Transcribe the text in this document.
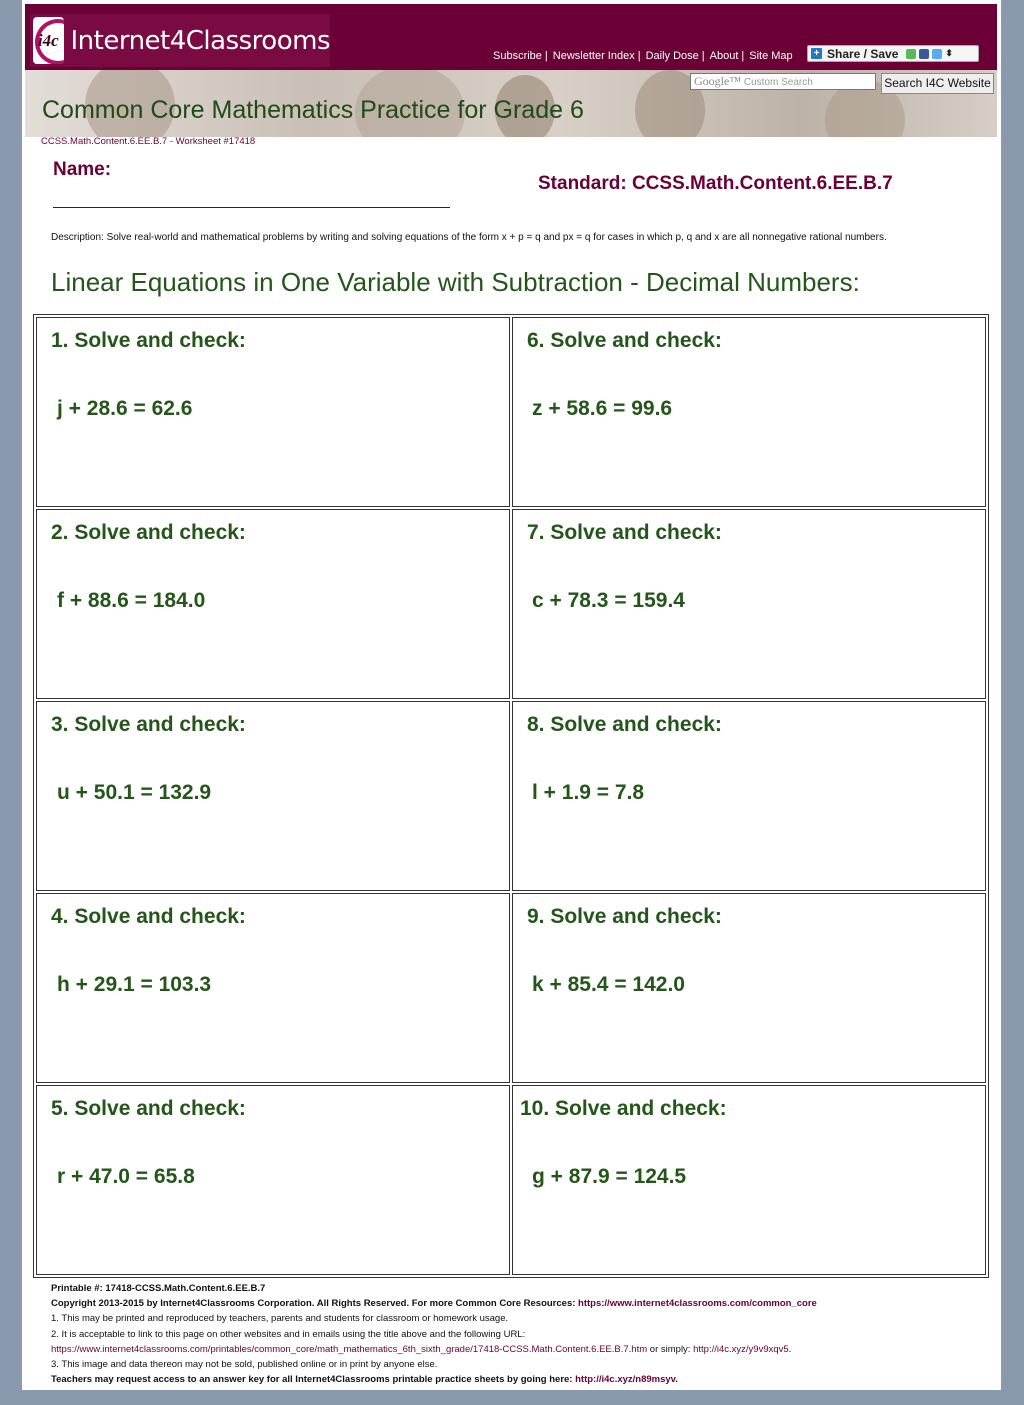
i4c Internet4Classrooms
Subscribe | Newsletter Index | Daily Dose | About | Site Map + Share / Save	⬍
Common Core Mathematics Practice for Grade 6
Google™ Custom Search	Search I4C Website
CCSS.Math.Content.6.EE.B.7 - Worksheet #17418
Name:
Standard: CCSS.Math.Content.6.EE.B.7
Description: Solve real-world and mathematical problems by writing and solving equations of the form x + p = q and px = q for cases in which p, q and x are all nonnegative rational numbers.
Linear Equations in One Variable with Subtraction - Decimal Numbers:
1. Solve and check:
j + 28.6 = 62.6
2. Solve and check:
f + 88.6 = 184.0
3. Solve and check:
u + 50.1 = 132.9
4. Solve and check:
h + 29.1 = 103.3
5. Solve and check:
r + 47.0 = 65.8
6. Solve and check:
z + 58.6 = 99.6
7. Solve and check:
c + 78.3 = 159.4
8. Solve and check:
l + 1.9 = 7.8
9. Solve and check:
k + 85.4 = 142.0
10. Solve and check:
g + 87.9 = 124.5
Printable #: 17418-CCSS.Math.Content.6.EE.B.7
Copyright 2013-2015 by Internet4Classrooms Corporation. All Rights Reserved. For more Common Core Resources: https://www.internet4classrooms.com/common_core
1. This may be printed and reproduced by teachers, parents and students for classroom or homework usage.
2. It is acceptable to link to this page on other websites and in emails using the title above and the following URL:
https://www.internet4classrooms.com/printables/common_core/math_mathematics_6th_sixth_grade/17418-CCSS.Math.Content.6.EE.B.7.htm or simply: http://i4c.xyz/y9v9xqv5.
3. This image and data thereon may not be sold, published online or in print by anyone else.
Teachers may request access to an answer key for all Internet4Classrooms printable practice sheets by going here: http://i4c.xyz/n89msyv.
